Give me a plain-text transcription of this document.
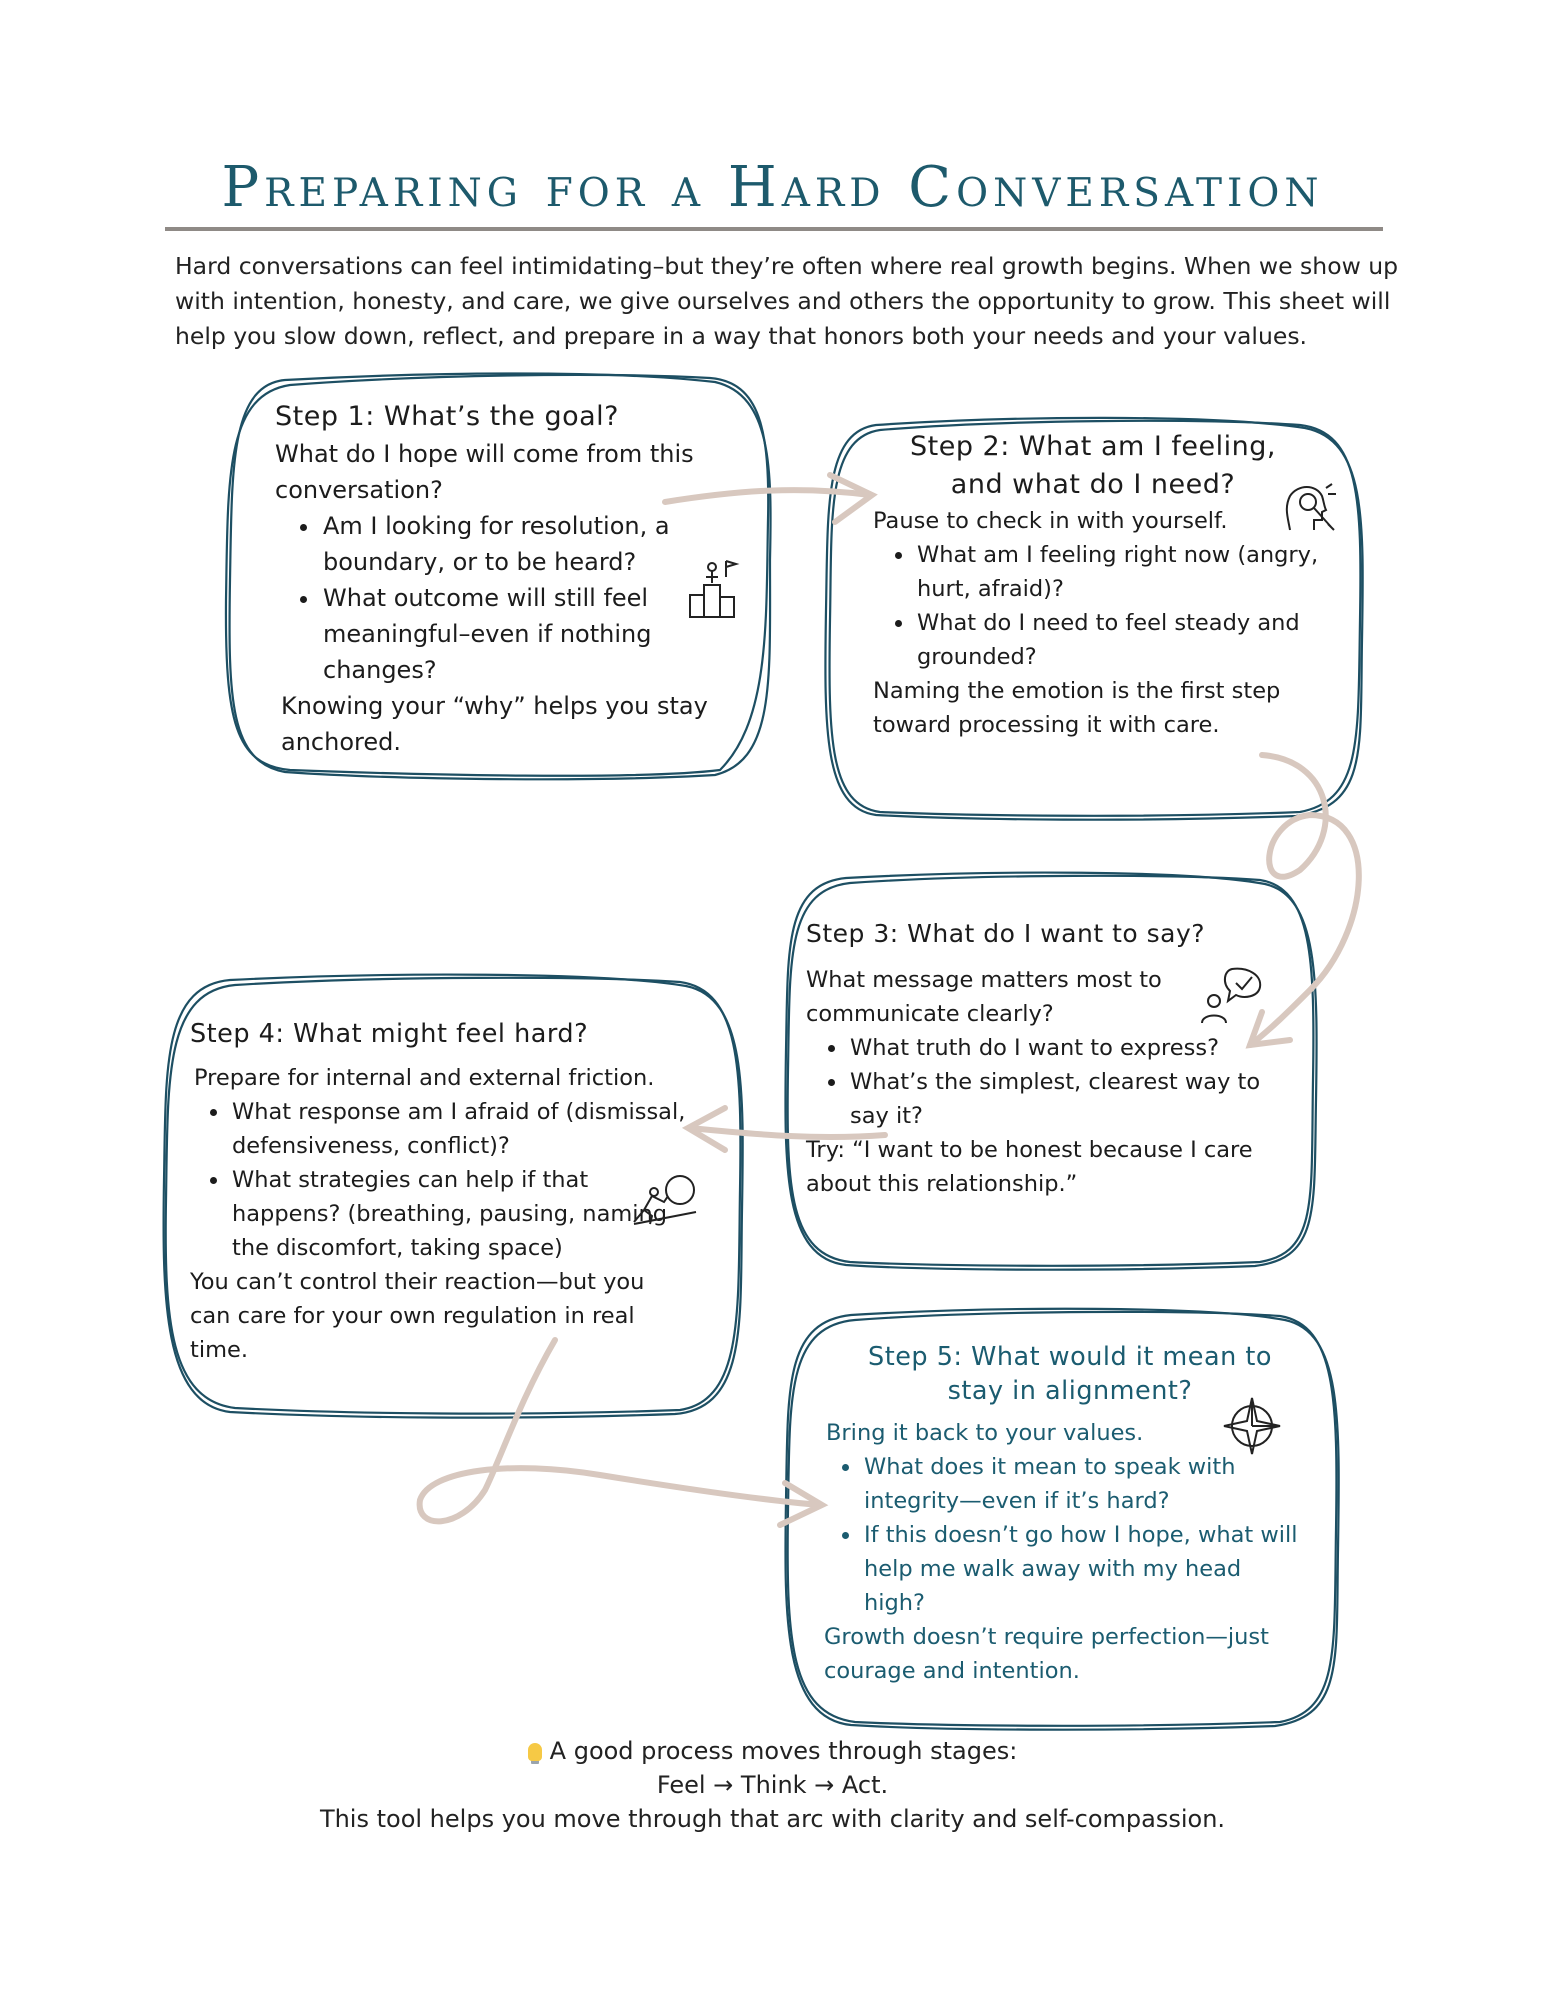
Preparing for a Hard Conversation
Hard conversations can feel intimidating–but they’re often where real growth begins. When we show up with intention, honesty, and care, we give ourselves and others the opportunity to grow. This sheet will help you slow down, reflect, and prepare in a way that honors both your needs and your values.
Step 1: What’s the goal?

What do I hope will come from this conversation?

• Am I looking for resolution, a boundary, or to be heard?
• What outcome will still feel meaningful–even if nothing changes?

Knowing your “why” helps you stay anchored.

Step 2: What am I feeling,
and what do I need?

Pause to check in with yourself.

• What am I feeling right now (angry, hurt, afraid)?
• What do I need to feel steady and grounded?

Naming the emotion is the first step toward processing it with care.

Step 3: What do I want to say?

What message matters most to communicate clearly?

• What truth do I want to express?
• What’s the simplest, clearest way to say it?

Try: “I want to be honest because I care about this relationship.”

Step 4: What might feel hard?

Prepare for internal and external friction.

• What response am I afraid of (dismissal, defensiveness, conflict)?
• What strategies can help if that happens? (breathing, pausing, naming the discomfort, taking space)

You can’t control their reaction—but you can care for your own regulation in real time.	Step 5: What would it mean to
stay in alignment?

Bring it back to your values.

• What does it mean to speak with integrity—even if it’s hard?
• If this doesn’t go how I hope, what will help me walk away with my head high?

Growth doesn’t require perfection—just courage and intention.

A good process moves through stages:
Feel → Think → Act.
This tool helps you move through that arc with clarity and self-compassion.
